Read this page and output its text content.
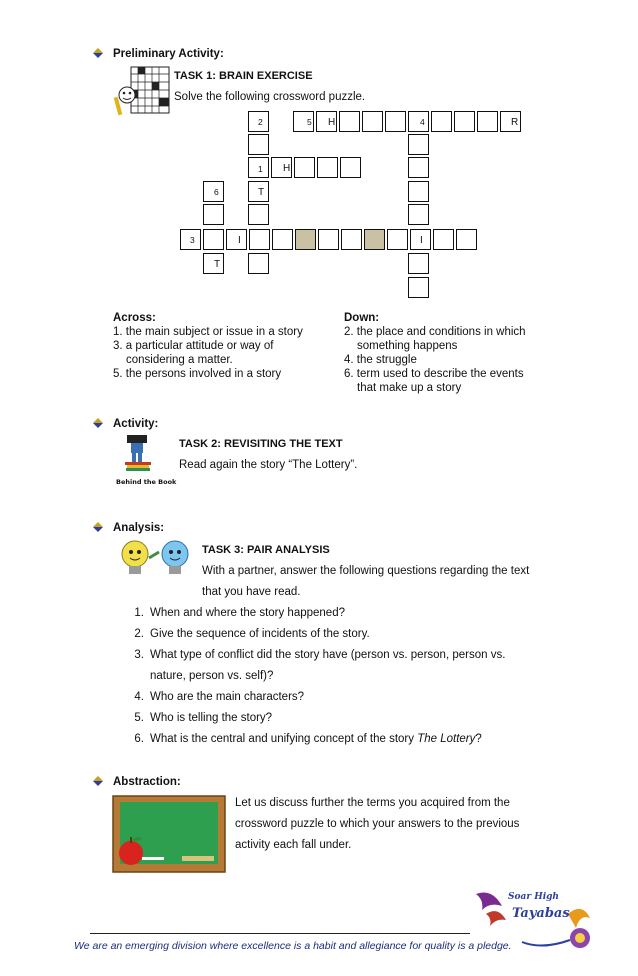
Preliminary Activity:
TASK 1: BRAIN EXERCISE
Solve the following crossword puzzle.
2	5	4
1
6
3
H	R
H
T
I	I
T
Across:
1. the main subject or issue in a story
3. a particular attitude or way of
considering a matter.
5. the persons involved in a story
Down:
2. the place and conditions in which
something happens
4. the struggle
6. term used to describe the events
that make up a story
Activity:
Behind the Book
TASK 2: REVISITING THE TEXT
Read again the story “The Lottery”.
Analysis:
TASK 3: PAIR ANALYSIS
With a partner, answer the following questions regarding the text
that you have read.
1. When and where the story happened?
2. Give the sequence of incidents of the story.
3. What type of conflict did the story have (person vs. person, person vs.
nature, person vs. self)?
4. Who are the main characters?
5. Who is telling the story?
6. What is the central and unifying concept of the story The Lottery?
Abstraction:
Let us discuss further the terms you acquired from the
crossword puzzle to which your answers to the previous
activity each fall under.
Soar High
Tayabas
We are an emerging division where excellence is a habit and allegiance for quality is a pledge.
